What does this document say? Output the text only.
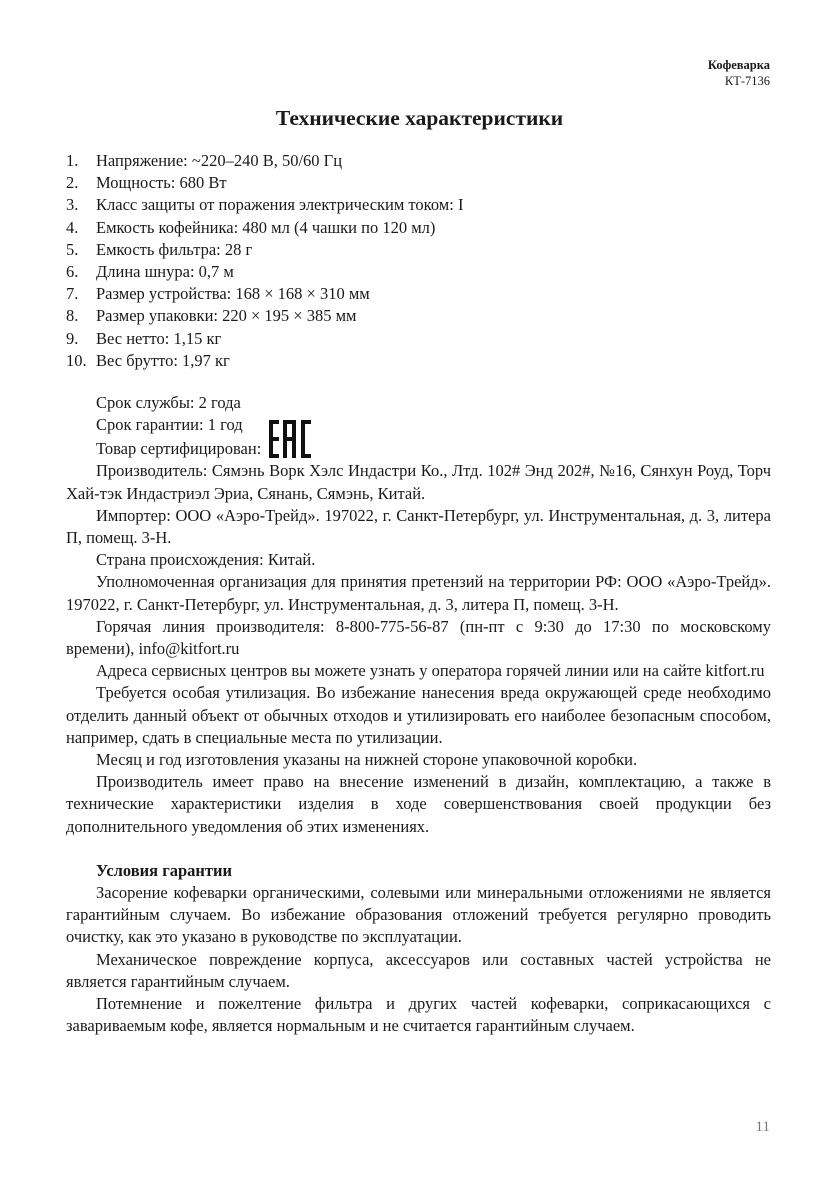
Кофеварка
КТ-7136
Технические характеристики
1.	Напряжение: ~220–240 В, 50/60 Гц
2.	Мощность: 680 Вт
3.	Класс защиты от поражения электрическим током: I
4.	Емкость кофейника: 480 мл (4 чашки по 120 мл)
5.	Емкость фильтра: 28 г
6.	Длина шнура: 0,7 м
7.	Размер устройства: 168 × 168 × 310 мм
8.	Размер упаковки: 220 × 195 × 385 мм
9.	Вес нетто: 1,15 кг
10. Вес брутто: 1,97 кг
Срок службы: 2 года
Срок гарантии: 1 год
Товар сертифицирован:

Производитель: Сямэнь Ворк Хэлс Индастри Ко., Лтд. 102# Энд 202#, №16, Сянхун Роуд, Торч Хай-тэк Индастриэл Эриа, Сянань, Сямэнь, Китай.

Импортер: ООО «Аэро-Трейд». 197022, г. Санкт-Петербург, ул. Инструментальная, д. 3, литера П, помещ. 3-Н.

Страна происхождения: Китай.

Уполномоченная организация для принятия претензий на территории РФ: ООО «Аэро-Трейд». 197022, г. Санкт-Петербург, ул. Инструментальная, д. 3, литера П, помещ. 3-Н.

Горячая линия производителя: 8-800-775-56-87 (пн-пт с 9:30 до 17:30 по московскому времени), info@kitfort.ru

Адреса сервисных центров вы можете узнать у оператора горячей линии или на сайте kitfort.ru

Требуется особая утилизация. Во избежание нанесения вреда окружающей среде необходимо отделить данный объект от обычных отходов и утилизировать его наиболее безопасным способом, например, сдать в специальные места по утилизации.

Месяц и год изготовления указаны на нижней стороне упаковочной коробки.

Производитель имеет право на внесение изменений в дизайн, комплектацию, а также в технические характеристики изделия в ходе совершенствования своей продукции без дополнительного уведомления об этих изменениях.

Условия гарантии

Засорение кофеварки органическими, солевыми или минеральными отложениями не является гарантийным случаем. Во избежание образования отложений требуется регулярно проводить очистку, как это указано в руководстве по эксплуатации.

Механическое повреждение корпуса, аксессуаров или составных частей устройства не является гарантийным случаем.

Потемнение и пожелтение фильтра и других частей кофеварки, соприкасающихся с завариваемым кофе, является нормальным и не считается гарантийным случаем.

11
